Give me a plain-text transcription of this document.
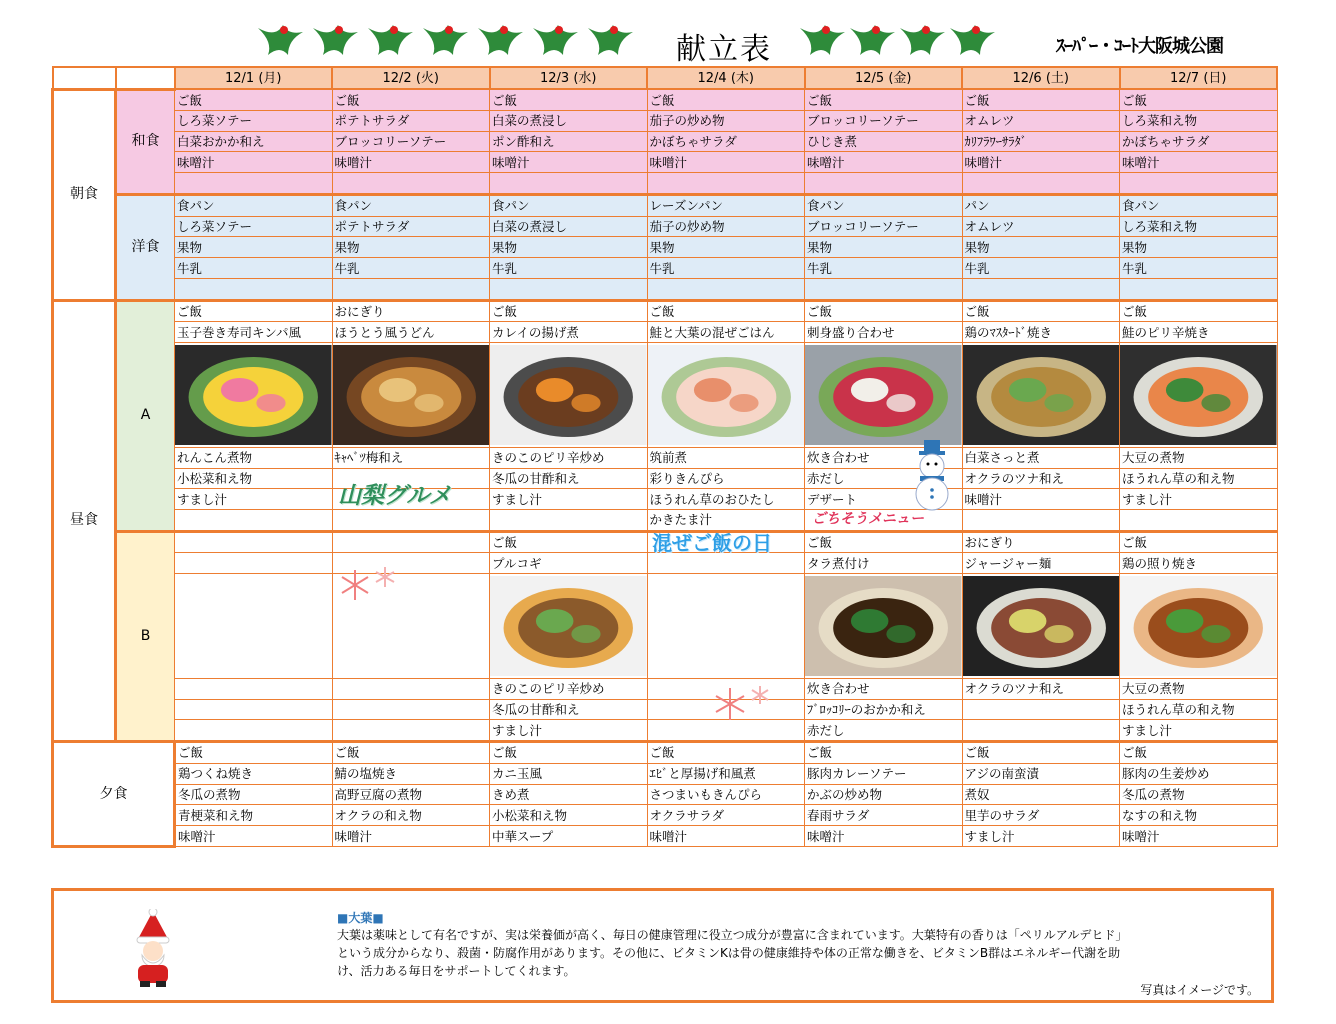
献立表	ｽｰﾊﾟｰ・ｺｰﾄ大阪城公園
		12/1 (月)	12/2 (火)	12/3 (水)	12/4 (木)	12/5 (金)	12/6 (土)	12/7 (日)
朝食	和食	ご飯	ご飯	ご飯	ご飯	ご飯	ご飯	ご飯
		しろ菜ソテー	ポテトサラダ	白菜の煮浸し	茄子の炒め物	ブロッコリーソテー	オムレツ	しろ菜和え物
		白菜おかか和え	ブロッコリーソテー	ポン酢和え	かぼちゃサラダ	ひじき煮	ｶﾘﾌﾗﾜｰｻﾗﾀﾞ	かぼちゃサラダ
		味噌汁	味噌汁	味噌汁	味噌汁	味噌汁	味噌汁	味噌汁

	洋食	食パン	食パン	食パン	レーズンパン	食パン	パン	食パン
		しろ菜ソテー	ポテトサラダ	白菜の煮浸し	茄子の炒め物	ブロッコリーソテー	オムレツ	しろ菜和え物
		果物	果物	果物	果物	果物	果物	果物
		牛乳	牛乳	牛乳	牛乳	牛乳	牛乳	牛乳

昼食	A	ご飯	おにぎり	ご飯	ご飯	ご飯	ご飯	ご飯
		玉子巻き寿司キンパ風	ほうとう風うどん	カレイの揚げ煮	鮭と大葉の混ぜごはん	刺身盛り合わせ	鶏のﾏｽﾀｰﾄﾞ焼き	鮭のピリ辛焼き

		れんこん煮物	ｷｬﾍﾞﾂ梅和え	きのこのピリ辛炒め	筑前煮	炊き合わせ	白菜さっと煮	大豆の煮物
		小松菜和え物		冬瓜の甘酢和え	彩りきんぴら	赤だし	オクラのツナ和え	ほうれん草の和え物
		すまし汁		すまし汁	ほうれん草のおひたし	デザート	味噌汁	すまし汁
					かきたま汁			
	B			ご飯		ご飯	おにぎり	ご飯
				プルコギ		タラ煮付け	ジャージャー麺	鶏の照り焼き

				きのこのピリ辛炒め		炊き合わせ	オクラのツナ和え	大豆の煮物
				冬瓜の甘酢和え		ﾌﾞﾛｯｺﾘｰのおかか和え		ほうれん草の和え物
				すまし汁		赤だし		すまし汁
夕食		ご飯	ご飯	ご飯	ご飯	ご飯	ご飯	ご飯
		鶏つくね焼き	鯖の塩焼き	カニ玉風	ｴﾋﾞと厚揚げ和風煮	豚肉カレーソテー	アジの南蛮漬	豚肉の生姜炒め
		冬瓜の煮物	高野豆腐の煮物	きめ煮	さつまいもきんぴら	かぶの炒め物	煮奴	冬瓜の煮物
		青梗菜和え物	オクラの和え物	小松菜和え物	オクラサラダ	春雨サラダ	里芋のサラダ	なすの和え物
		味噌汁	味噌汁	中華スープ	味噌汁	味噌汁	すまし汁	味噌汁
山梨グルメ
混ぜご飯の日
ごちそうメニュー
■大葉■
大葉は薬味として有名ですが、実は栄養価が高く、毎日の健康管理に役立つ成分が豊富に含まれています。大葉特有の香りは「ペリルアルデヒド」という成分からなり、殺菌・防腐作用があります。その他に、ビタミンKは骨の健康維持や体の正常な働きを、ビタミンB群はエネルギー代謝を助け、活力ある毎日をサポートしてくれます。
写真はイメージです。
